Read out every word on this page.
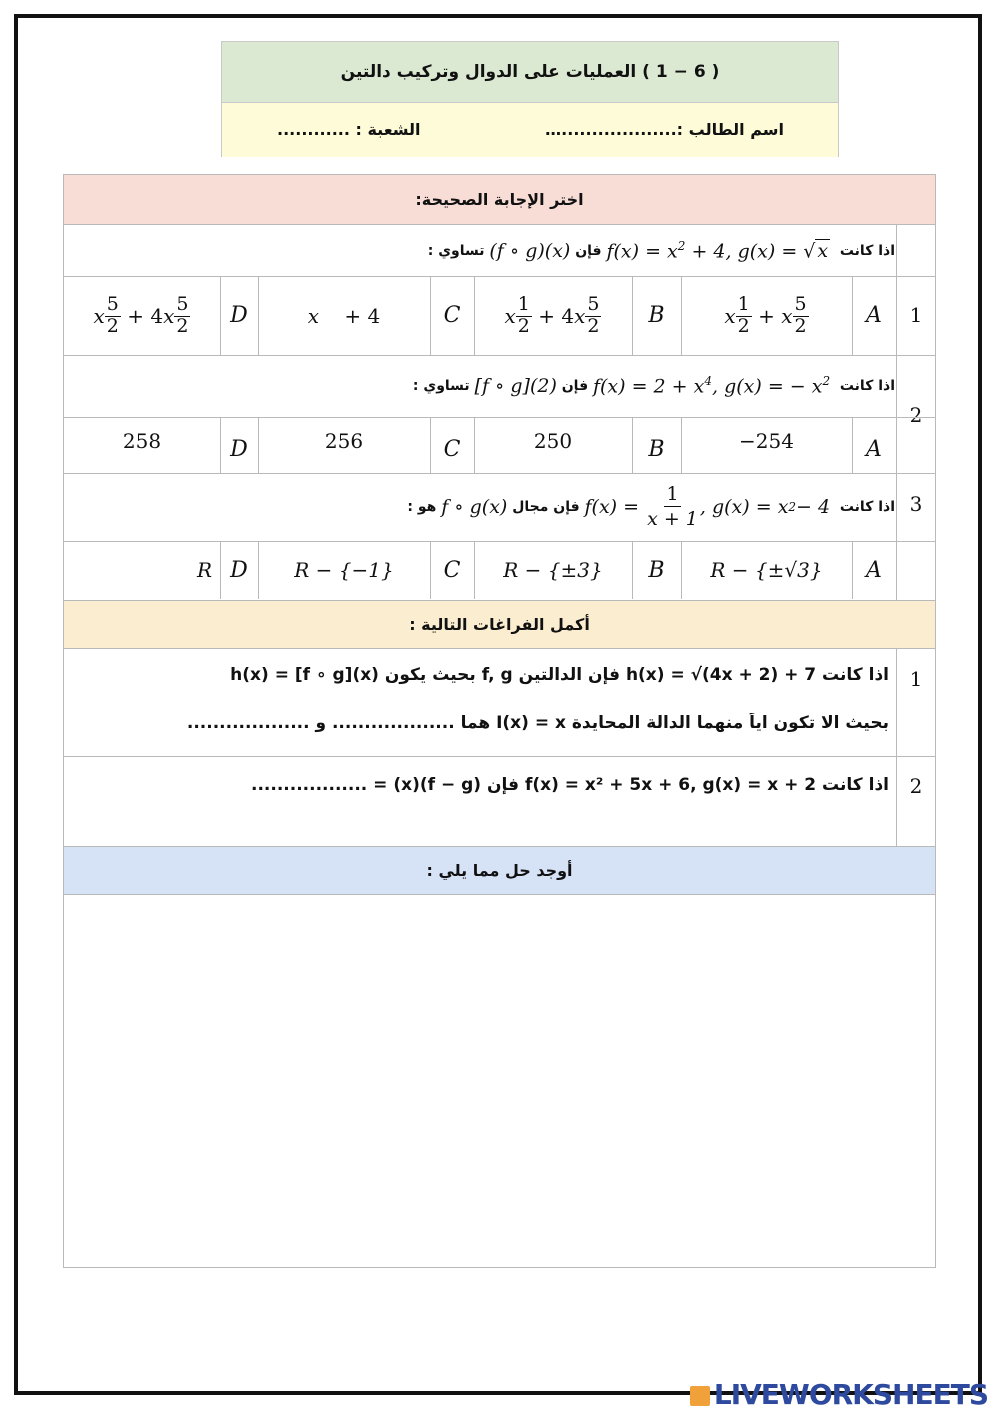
( 6 − 1 ) العمليات على الدوال وتركيب دالتين
اسم الطالب :...................…
الشعبة : ............
اختر الإجابة الصحيحة:
1
اذا كانت

$f(x) = x^2 + 4$, g(x) = √ x

فإن

(f ∘ g)(x)

تساوي :
A
x 1
2 + x 5
2
B
x 1
2 + 4 x 5
2
C
x + 4
D
x 5
2 + 4 x 5
2
2
اذا كانت

$f(x) = 2 + x^4$, g(x) = − $x^2$

فإن

[f ∘ g](2)

تساوي :
A
−254
B
250
C
256
D
258
3
اذا كانت

$f(x) = \frac{1}{x + 1}$ , g(x) = x 2 − 4

فإن مجال

f ∘ g(x)

هو :
A
R − {±√3}
B
R − {±3}
C
R − {−1}
D
R
أكمل الفراغات التالية :
1
اذا كانت h(x) = √(4x + 2) + 7 فإن الدالتين f, g بحيث يكون h(x) = [f ∘ g](x)
بحيث الا تكون اياً منهما الدالة المحايدة I(x) = x هما ................... و ...................
2
اذا كانت f(x) = x² + 5x + 6, g(x) = x + 2 فإن (f − g)(x) = ..................
أوجد حل مما يلي :
LIVEWORKSHEETS
